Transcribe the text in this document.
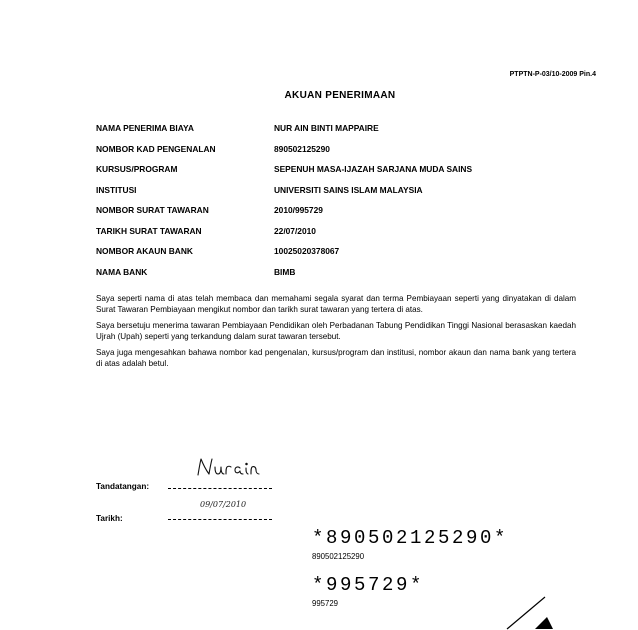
PTPTN-P-03/10-2009 Pin.4
AKUAN PENERIMAAN
NAMA PENERIMA BIAYA	NUR AIN BINTI MAPPAIRE
NOMBOR KAD PENGENALAN	890502125290
KURSUS/PROGRAM	SEPENUH MASA-IJAZAH SARJANA MUDA SAINS
INSTITUSI	UNIVERSITI SAINS ISLAM MALAYSIA
NOMBOR SURAT TAWARAN	2010/995729
TARIKH SURAT TAWARAN	22/07/2010
NOMBOR AKAUN BANK	10025020378067
NAMA BANK	BIMB

Saya seperti nama di atas telah membaca dan memahami segala syarat dan terma Pembiayaan seperti yang dinyatakan di dalam Surat Tawaran Pembiayaan mengikut nombor dan tarikh surat tawaran yang tertera di atas.

Saya bersetuju menerima tawaran Pembiayaan Pendidikan oleh Perbadanan Tabung Pendidikan Tinggi Nasional berasaskan kaedah Ujrah (Upah) seperti yang terkandung dalam surat tawaran tersebut.

Saya juga mengesahkan bahawa nombor kad pengenalan, kursus/program dan institusi, nombor akaun dan nama bank yang tertera di atas adalah betul.

Tandatangan:
09/07/2010
Tarikh:
*890502125290*
890502125290
*995729*
995729
